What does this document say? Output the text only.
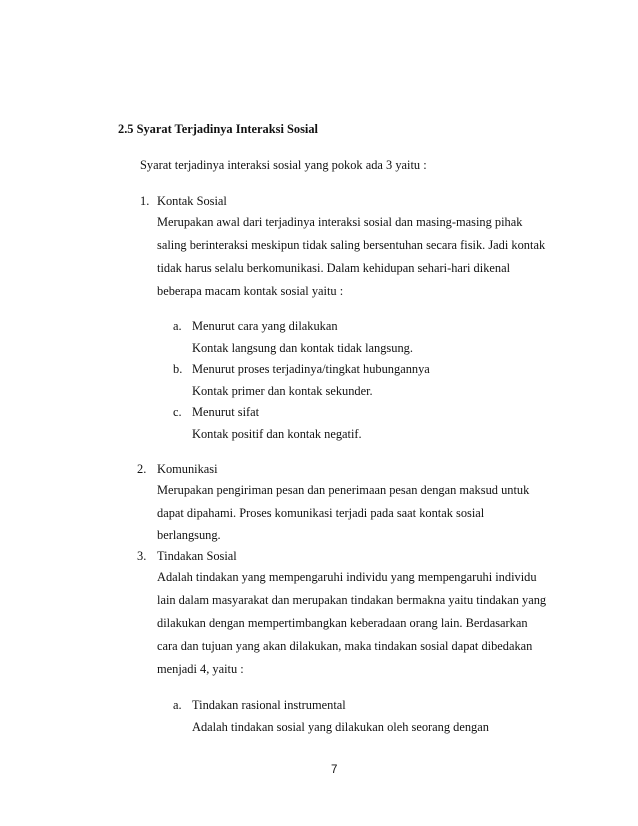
2.5 Syarat Terjadinya Interaksi Sosial
Syarat terjadinya interaksi sosial yang pokok ada 3 yaitu :
1. Kontak Sosial
Merupakan awal dari terjadinya interaksi sosial dan masing-masing pihak
saling berinteraksi meskipun tidak saling bersentuhan secara fisik. Jadi kontak
tidak harus selalu berkomunikasi. Dalam kehidupan sehari-hari dikenal
beberapa macam kontak sosial yaitu :
a. Menurut cara yang dilakukan
Kontak langsung dan kontak tidak langsung.
b. Menurut proses terjadinya/tingkat hubungannya
Kontak primer dan kontak sekunder.
c. Menurut sifat
Kontak positif dan kontak negatif.
2. Komunikasi
Merupakan pengiriman pesan dan penerimaan pesan dengan maksud untuk
dapat dipahami. Proses komunikasi terjadi pada saat kontak sosial
berlangsung.
3. Tindakan Sosial
Adalah tindakan yang mempengaruhi individu yang mempengaruhi individu
lain dalam masyarakat dan merupakan tindakan bermakna yaitu tindakan yang
dilakukan dengan mempertimbangkan keberadaan orang lain. Berdasarkan
cara dan tujuan yang akan dilakukan, maka tindakan sosial dapat dibedakan
menjadi 4, yaitu :
a. Tindakan rasional instrumental
Adalah tindakan sosial yang dilakukan oleh seorang dengan
7
